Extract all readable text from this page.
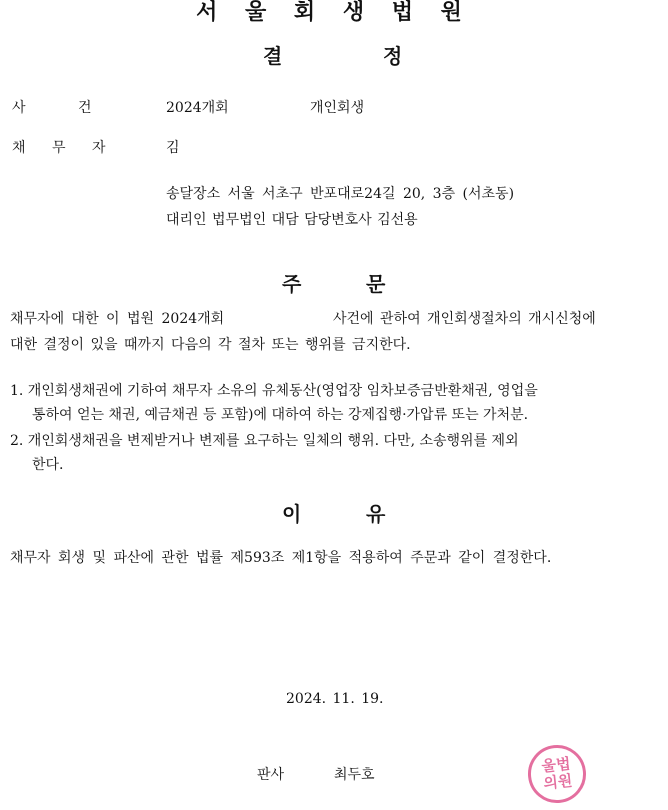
서 울 회 생 법 원
결	정
사 건	2024개회	개인회생
채 무 자	김
송달장소 서울 서초구 반포대로24길 20, 3층 (서초동)
대리인 법무법인 대담 담당변호사 김선용
주	문
채무자에 대한 이 법원 2024개회	사건에 관하여 개인회생절차의 개시신청에
대한 결정이 있을 때까지 다음의 각 절차 또는 행위를 금지한다.
1. 개인회생채권에 기하여 채무자 소유의 유체동산(영업장 임차보증금반환채권, 영업을
통하여 얻는 채권, 예금채권 등 포함)에 대하여 하는 강제집행·가압류 또는 가처분.
2. 개인회생채권을 변제받거나 변제를 요구하는 일체의 행위. 다만, 소송행위를 제외
한다.
이	유
채무자 회생 및 파산에 관한 법률 제593조 제1항을 적용하여 주문과 같이 결정한다.
2024. 11. 19.
판사	최두호	울법
의원
